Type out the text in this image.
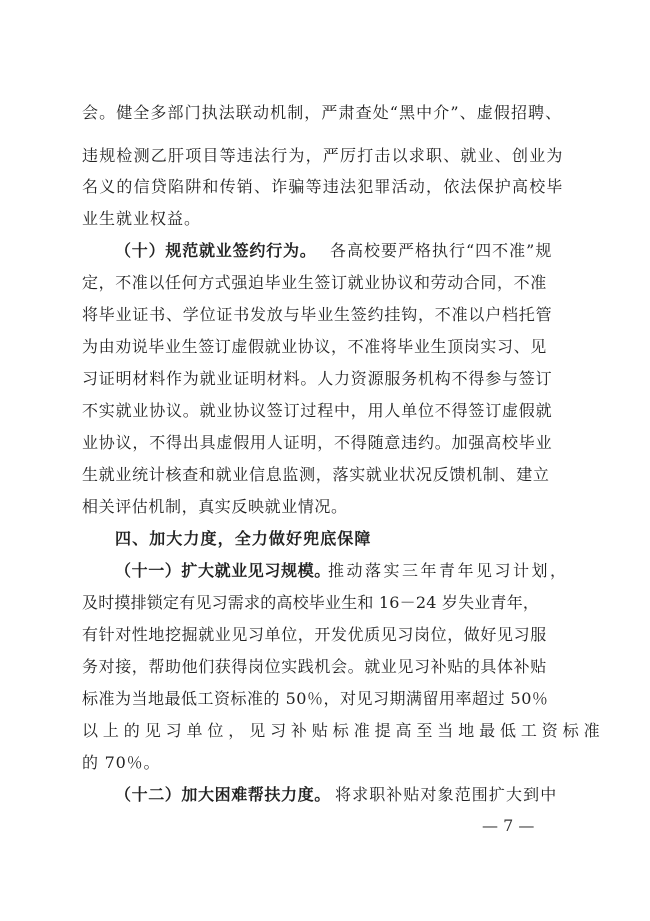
会。健全多部门执法联动机制，严肃查处“黑中介”、虚假招聘、
违规检测乙肝项目等违法行为，严厉打击以求职、就业、创业为
名义的信贷陷阱和传销、诈骗等违法犯罪活动，依法保护高校毕
业生就业权益。
（十）规范就业签约行为。 各高校要严格执行“四不准”规
定，不准以任何方式强迫毕业生签订就业协议和劳动合同，不准
将毕业证书、学位证书发放与毕业生签约挂钩，不准以户档托管
为由劝说毕业生签订虚假就业协议，不准将毕业生顶岗实习、见
习证明材料作为就业证明材料。人力资源服务机构不得参与签订
不实就业协议。就业协议签订过程中，用人单位不得签订虚假就
业协议，不得出具虚假用人证明，不得随意违约。加强高校毕业
生就业统计核查和就业信息监测，落实就业状况反馈机制、建立
相关评估机制，真实反映就业情况。
四、加大力度，全力做好兜底保障
（十一）扩大就业见习规模。
推动落实三年青年见习计划，
及时摸排锁定有见习需求的高校毕业生和 16－24 岁失业青年，
有针对性地挖掘就业见习单位，开发优质见习岗位，做好见习服
务对接，帮助他们获得岗位实践机会。就业见习补贴的具体补贴
标准为当地最低工资标准的 50％，对见习期满留用率超过 50％
以上的见习单位，见习补贴标准提高至当地最低工资标准
的 70％。
（十二）加大困难帮扶力度。 将求职补贴对象范围扩大到中
— 7 —
